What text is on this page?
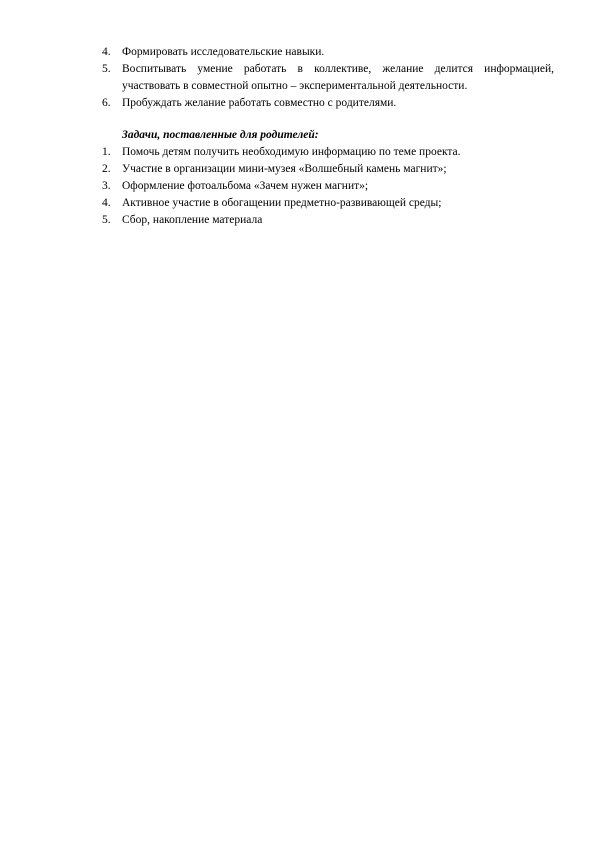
4. Формировать исследовательские навыки.
5. Воспитывать умение работать в коллективе, желание делится информацией, участвовать в совместной опытно – экспериментальной деятельности.
6. Пробуждать желание работать совместно с родителями.
Задачи, поставленные для родителей:
1. Помочь детям получить необходимую информацию по теме проекта.
2. Участие в организации мини-музея «Волшебный камень магнит»;
3. Оформление фотоальбома «Зачем нужен магнит»;
4. Активное участие в обогащении предметно-развивающей среды;
5. Сбор, накопление материала
